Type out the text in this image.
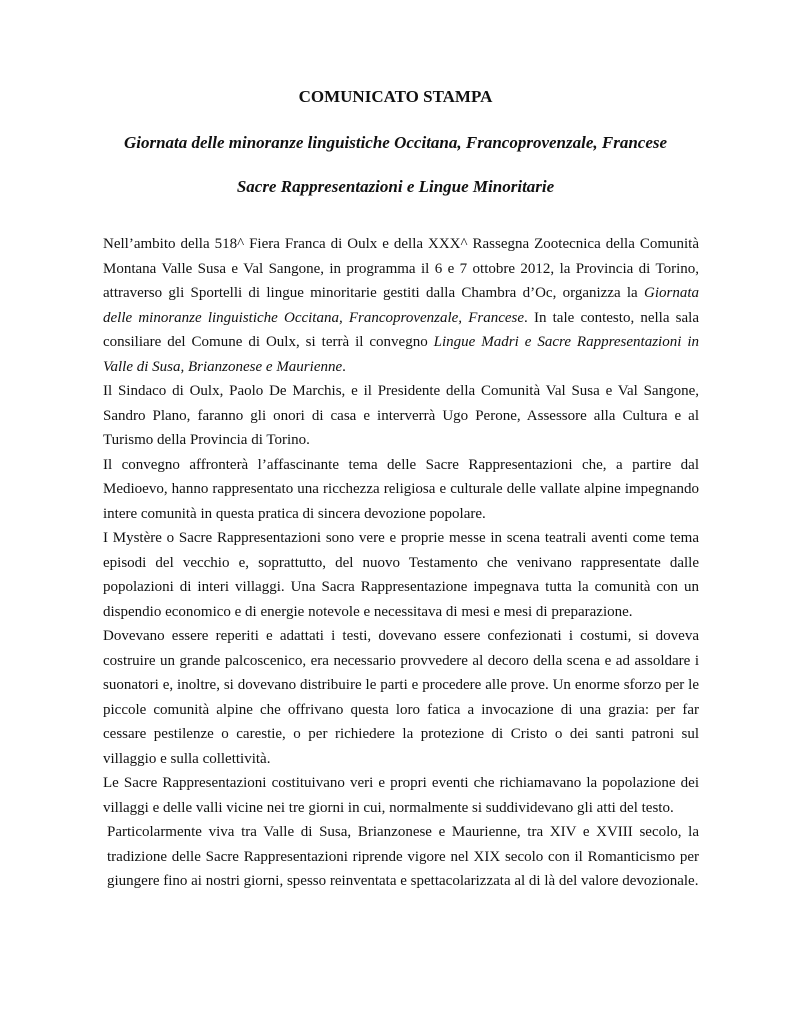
COMUNICATO STAMPA
Giornata delle minoranze linguistiche Occitana, Francoprovenzale, Francese
Sacre Rappresentazioni e Lingue Minoritarie

Nell’ambito della 518^ Fiera Franca di Oulx e della XXX^ Rassegna Zootecnica della Comunità Montana Valle Susa e Val Sangone, in programma il 6 e 7 ottobre 2012, la Provincia di Torino, attraverso gli Sportelli di lingue minoritarie gestiti dalla Chambra d’Oc, organizza la Giornata delle minoranze linguistiche Occitana, Francoprovenzale, Francese. In tale contesto, nella sala consiliare del Comune di Oulx, si terrà il convegno Lingue Madri e Sacre Rappresentazioni in Valle di Susa, Brianzonese e Maurienne.

Il Sindaco di Oulx, Paolo De Marchis, e il Presidente della Comunità Val Susa e Val Sangone, Sandro Plano, faranno gli onori di casa e interverrà Ugo Perone, Assessore alla Cultura e al Turismo della Provincia di Torino.

Il convegno affronterà l’affascinante tema delle Sacre Rappresentazioni che, a partire dal Medioevo, hanno rappresentato una ricchezza religiosa e culturale delle vallate alpine impegnando intere comunità in questa pratica di sincera devozione popolare.

I Mystère o Sacre Rappresentazioni sono vere e proprie messe in scena teatrali aventi come tema episodi del vecchio e, soprattutto, del nuovo Testamento che venivano rappresentate dalle popolazioni di interi villaggi. Una Sacra Rappresentazione impegnava tutta la comunità con un dispendio economico e di energie notevole e necessitava di mesi e mesi di preparazione.

Dovevano essere reperiti e adattati i testi, dovevano essere confezionati i costumi, si doveva costruire un grande palcoscenico, era necessario provvedere al decoro della scena e ad assoldare i suonatori e, inoltre, si dovevano distribuire le parti e procedere alle prove. Un enorme sforzo per le piccole comunità alpine che offrivano questa loro fatica a invocazione di una grazia: per far cessare pestilenze o carestie, o per richiedere la protezione di Cristo o dei santi patroni sul villaggio e sulla collettività.

Le Sacre Rappresentazioni costituivano veri e propri eventi che richiamavano la popolazione dei villaggi e delle valli vicine nei tre giorni in cui, normalmente si suddividevano gli atti del testo.

Particolarmente viva tra Valle di Susa, Brianzonese e Maurienne, tra XIV e XVIII secolo, la tradizione delle Sacre Rappresentazioni riprende vigore nel XIX secolo con il Romanticismo per giungere fino ai nostri giorni, spesso reinventata e spettacolarizzata al di là del valore devozionale.
